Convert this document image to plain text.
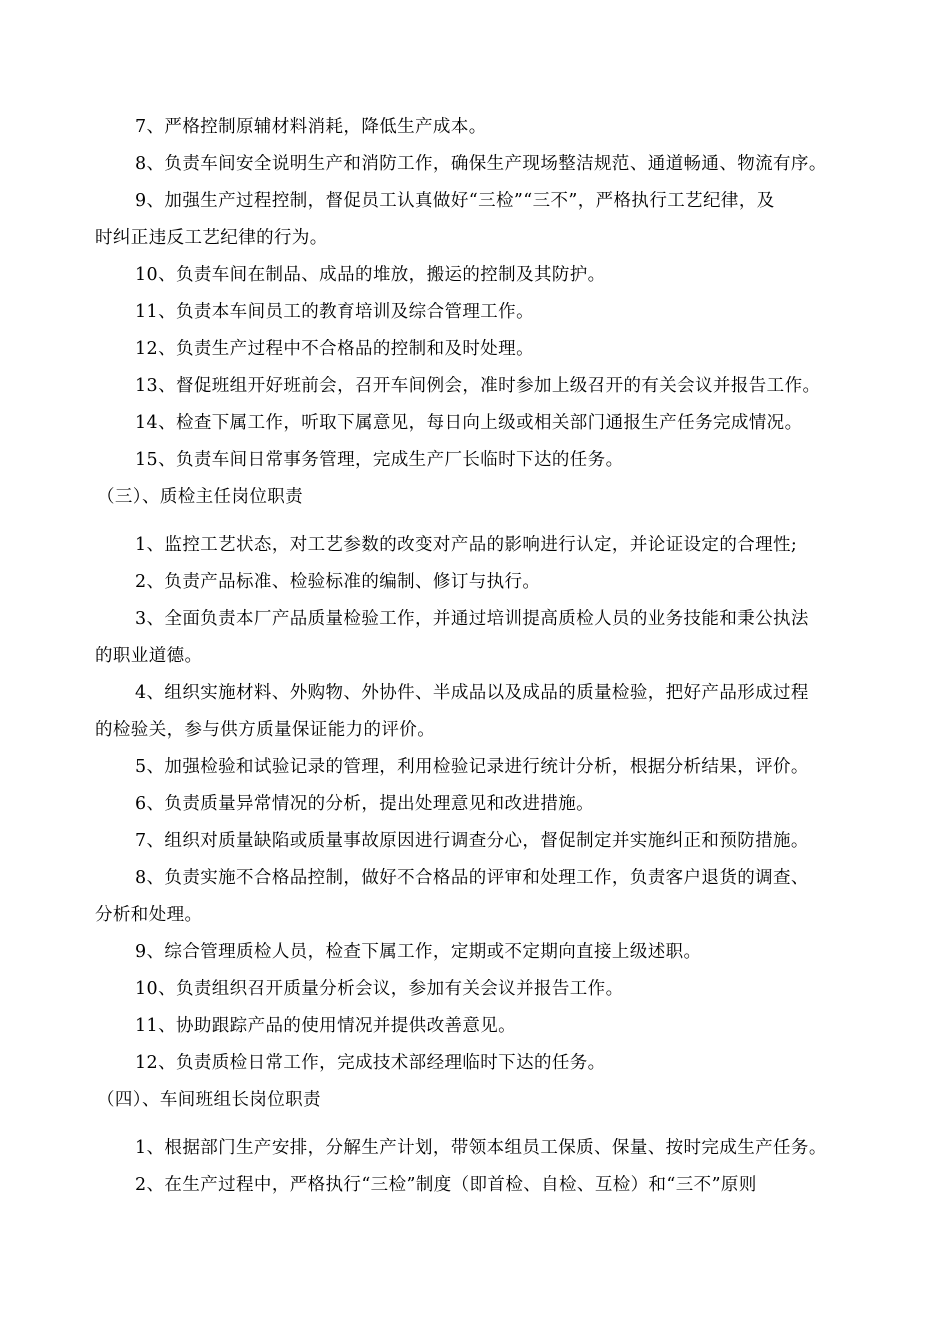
7、严格控制原辅材料消耗，降低生产成本。
8、负责车间安全说明生产和消防工作，确保生产现场整洁规范、通道畅通、物流有序。
9、加强生产过程控制，督促员工认真做好“三检”“三不”，严格执行工艺纪律，及
时纠正违反工艺纪律的行为。
10、负责车间在制品、成品的堆放，搬运的控制及其防护。
11、负责本车间员工的教育培训及综合管理工作。
12、负责生产过程中不合格品的控制和及时处理。
13、督促班组开好班前会，召开车间例会，准时参加上级召开的有关会议并报告工作。
14、检查下属工作，听取下属意见，每日向上级或相关部门通报生产任务完成情况。
15、负责车间日常事务管理，完成生产厂长临时下达的任务。
（三）、质检主任岗位职责
1、监控工艺状态，对工艺参数的改变对产品的影响进行认定，并论证设定的合理性;
2、负责产品标准、检验标准的编制、修订与执行。
3、全面负责本厂产品质量检验工作，并通过培训提高质检人员的业务技能和秉公执法
的职业道德。
4、组织实施材料、外购物、外协件、半成品以及成品的质量检验，把好产品形成过程
的检验关，参与供方质量保证能力的评价。
5、加强检验和试验记录的管理，利用检验记录进行统计分析，根据分析结果，评价。
6、负责质量异常情况的分析，提出处理意见和改进措施。
7、组织对质量缺陷或质量事故原因进行调查分心，督促制定并实施纠正和预防措施。
8、负责实施不合格品控制，做好不合格品的评审和处理工作，负责客户退货的调查、
分析和处理。
9、综合管理质检人员，检查下属工作，定期或不定期向直接上级述职。
10、负责组织召开质量分析会议，参加有关会议并报告工作。
11、协助跟踪产品的使用情况并提供改善意见。
12、负责质检日常工作，完成技术部经理临时下达的任务。
（四）、车间班组长岗位职责
1、根据部门生产安排，分解生产计划，带领本组员工保质、保量、按时完成生产任务。
2、在生产过程中，严格执行“三检”制度（即首检、自检、互检）和“三不”原则
